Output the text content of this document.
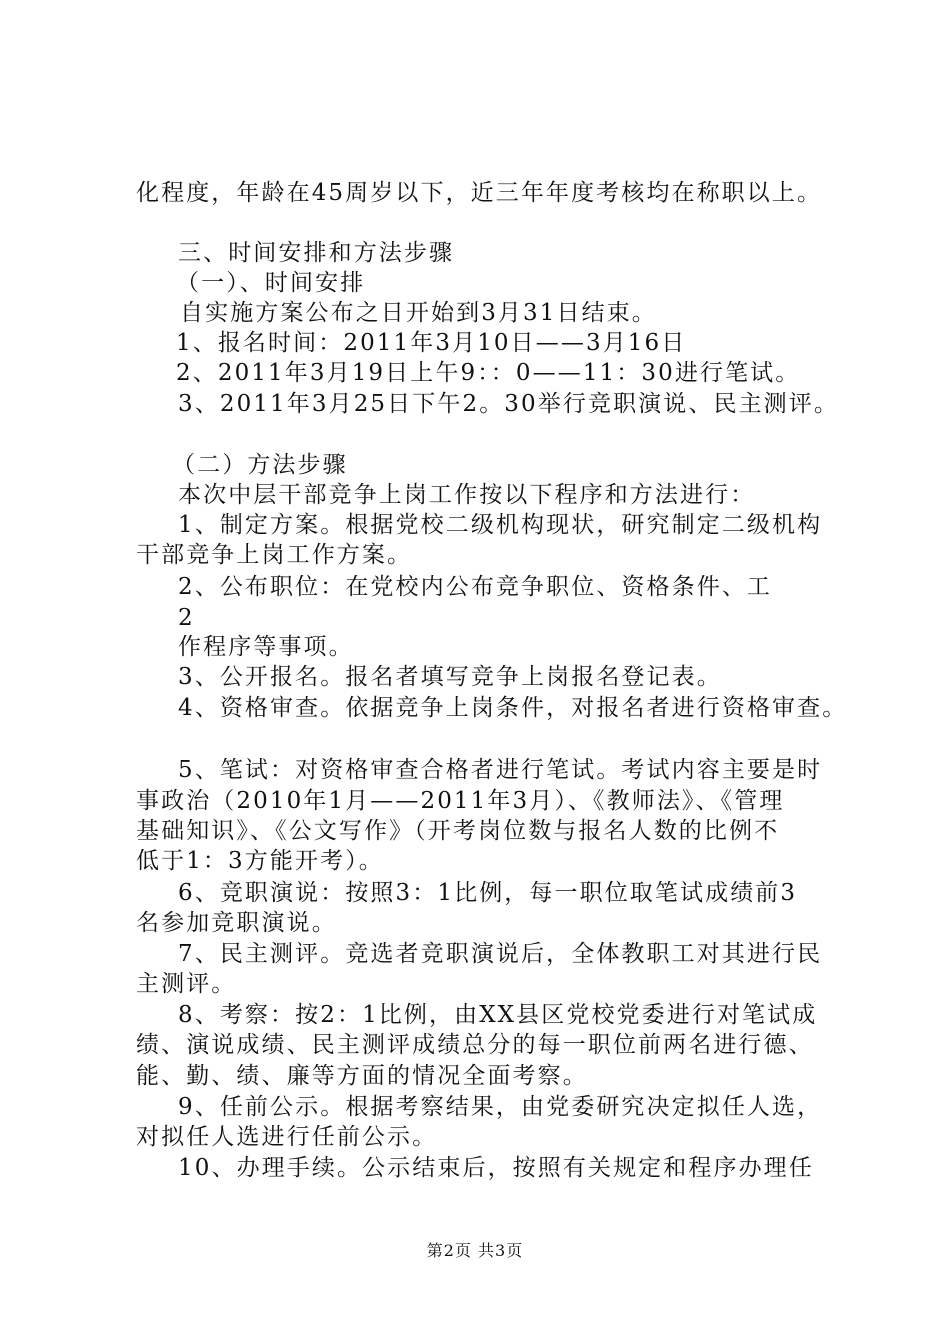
化程度，年龄在45周岁以下，近三年年度考核均在称职以上。
三、时间安排和方法步骤
（一）、时间安排
自实施方案公布之日开始到3月31日结束。
1、报名时间：2011年3月10日——3月16日
2、2011年3月19日上午9：：0——11：30进行笔试。
3、2011年3月25日下午2。30举行竞职演说、民主测评。
（二）方法步骤
本次中层干部竞争上岗工作按以下程序和方法进行：
1、制定方案。根据党校二级机构现状，研究制定二级机构
干部竞争上岗工作方案。
2、公布职位：在党校内公布竞争职位、资格条件、工
2
作程序等事项。
3、公开报名。报名者填写竞争上岗报名登记表。
4、资格审查。依据竞争上岗条件，对报名者进行资格审查。
5、笔试：对资格审查合格者进行笔试。考试内容主要是时
事政治（2010年1月——2011年3月）、《教师法》、《管理
基础知识》、《公文写作》（开考岗位数与报名人数的比例不
低于1：3方能开考）。
6、竞职演说：按照3：1比例，每一职位取笔试成绩前3
名参加竞职演说。
7、民主测评。竞选者竞职演说后，全体教职工对其进行民
主测评。
8、考察：按2：1比例，由XX县区党校党委进行对笔试成
绩、演说成绩、民主测评成绩总分的每一职位前两名进行德、
能、勤、绩、廉等方面的情况全面考察。
9、任前公示。根据考察结果，由党委研究决定拟任人选，
对拟任人选进行任前公示。
10、办理手续。公示结束后，按照有关规定和程序办理任
第2页 共3页
